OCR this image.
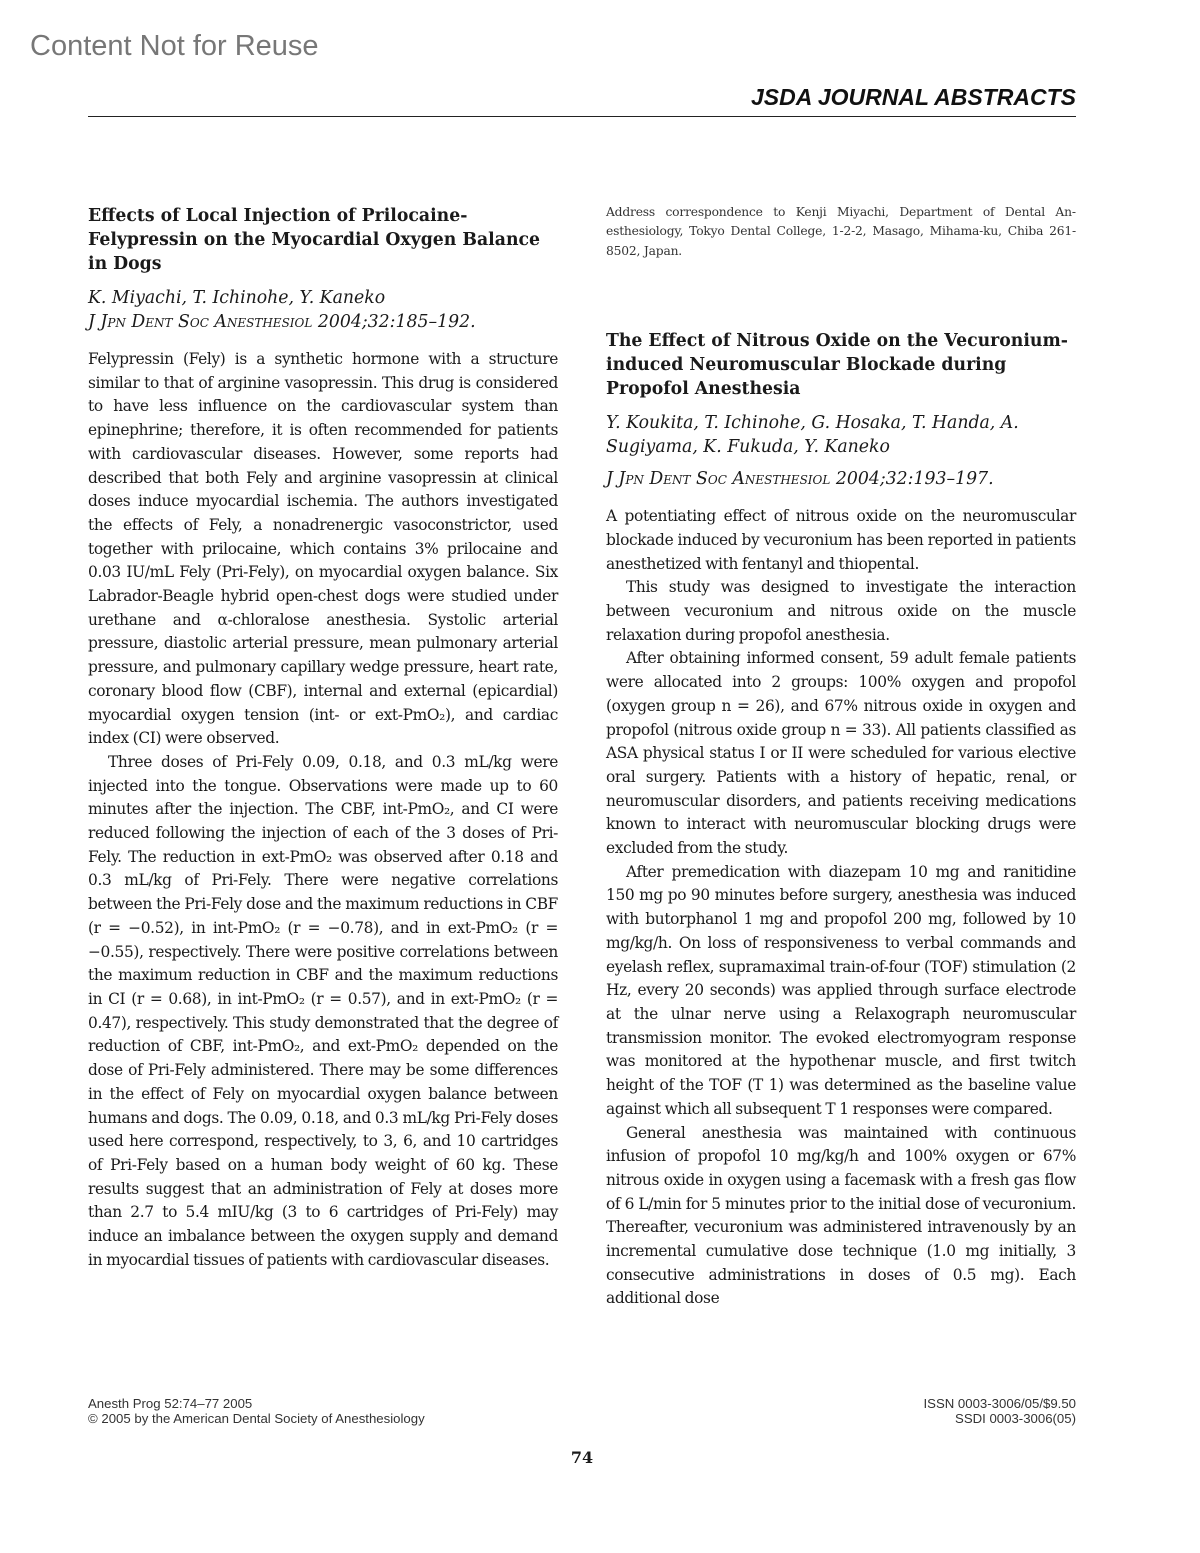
Content Not for Reuse
JSDA JOURNAL ABSTRACTS
Effects of Local Injection of Prilocaine-Felypressin on the Myocardial Oxygen Balance in Dogs

K. Miyachi, T. Ichinohe, Y. Kaneko

J Jpn Dent Soc Anesthesiol 2004;32:185–192.

Felypressin (Fely) is a synthetic hormone with a structure similar to that of arginine vasopressin. This drug is considered to have less influence on the cardiovascular system than epinephrine; therefore, it is often recommended for patients with cardiovascular diseases. However, some reports had described that both Fely and arginine vasopressin at clinical doses induce myocardial ischemia. The authors investigated the effects of Fely, a nonadrenergic vasoconstrictor, used together with prilocaine, which contains 3% prilocaine and 0.03 IU/mL Fely (Pri-Fely), on myocardial oxygen balance. Six Labrador-Beagle hybrid open-chest dogs were studied under urethane and α-chloralose anesthesia. Systolic arterial pressure, diastolic arterial pressure, mean pulmonary arterial pressure, and pulmonary capillary wedge pressure, heart rate, coronary blood flow (CBF), internal and external (epicardial) myocardial oxygen tension (int- or ext-PmO₂), and cardiac index (CI) were observed.

Three doses of Pri-Fely 0.09, 0.18, and 0.3 mL/kg were injected into the tongue. Observations were made up to 60 minutes after the injection. The CBF, int-PmO₂, and CI were reduced following the injection of each of the 3 doses of Pri-Fely. The reduction in ext-PmO₂ was observed after 0.18 and 0.3 mL/kg of Pri-Fely. There were negative correlations between the Pri-Fely dose and the maximum reductions in CBF (r = −0.52), in int-PmO₂ (r = −0.78), and in ext-PmO₂ (r = −0.55), respectively. There were positive correlations between the maximum reduction in CBF and the maximum reductions in CI (r = 0.68), in int-PmO₂ (r = 0.57), and in ext-PmO₂ (r = 0.47), respectively. This study demonstrated that the degree of reduction of CBF, int-PmO₂, and ext-PmO₂ depended on the dose of Pri-Fely administered. There may be some differences in the effect of Fely on myocardial oxygen balance between humans and dogs. The 0.09, 0.18, and 0.3 mL/kg Pri-Fely doses used here correspond, respectively, to 3, 6, and 10 cartridges of Pri-Fely based on a human body weight of 60 kg. These results suggest that an administration of Fely at doses more than 2.7 to 5.4 mIU/kg (3 to 6 cartridges of Pri-Fely) may induce an imbalance between the oxygen supply and demand in myocardial tissues of patients with cardiovascular diseases.

Address correspondence to Kenji Miyachi, Department of Dental Anesthesiology, Tokyo Dental College, 1-2-2, Masago, Mihama-ku, Chiba 261-8502, Japan.

The Effect of Nitrous Oxide on the Vecuronium-induced Neuromuscular Blockade during Propofol Anesthesia

Y. Koukita, T. Ichinohe, G. Hosaka, T. Handa, A. Sugiyama, K. Fukuda, Y. Kaneko

J Jpn Dent Soc Anesthesiol 2004;32:193–197.

A potentiating effect of nitrous oxide on the neuromuscular blockade induced by vecuronium has been reported in patients anesthetized with fentanyl and thiopental.

This study was designed to investigate the interaction between vecuronium and nitrous oxide on the muscle relaxation during propofol anesthesia.

After obtaining informed consent, 59 adult female patients were allocated into 2 groups: 100% oxygen and propofol (oxygen group n = 26), and 67% nitrous oxide in oxygen and propofol (nitrous oxide group n = 33). All patients classified as ASA physical status I or II were scheduled for various elective oral surgery. Patients with a history of hepatic, renal, or neuromuscular disorders, and patients receiving medications known to interact with neuromuscular blocking drugs were excluded from the study.

After premedication with diazepam 10 mg and ranitidine 150 mg po 90 minutes before surgery, anesthesia was induced with butorphanol 1 mg and propofol 200 mg, followed by 10 mg/kg/h. On loss of responsiveness to verbal commands and eyelash reflex, supramaximal train-of-four (TOF) stimulation (2 Hz, every 20 seconds) was applied through surface electrode at the ulnar nerve using a Relaxograph neuromuscular transmission monitor. The evoked electromyogram response was monitored at the hypothenar muscle, and first twitch height of the TOF (T 1) was determined as the baseline value against which all subsequent T 1 responses were compared.

General anesthesia was maintained with continuous infusion of propofol 10 mg/kg/h and 100% oxygen or 67% nitrous oxide in oxygen using a facemask with a fresh gas flow of 6 L/min for 5 minutes prior to the initial dose of vecuronium. Thereafter, vecuronium was administered intravenously by an incremental cumulative dose technique (1.0 mg initially, 3 consecutive administrations in doses of 0.5 mg). Each additional dose

Anesth Prog 52:74–77 2005
© 2005 by the American Dental Society of Anesthesiology
ISSN 0003-3006/05/$9.50
SSDI 0003-3006(05)
74
